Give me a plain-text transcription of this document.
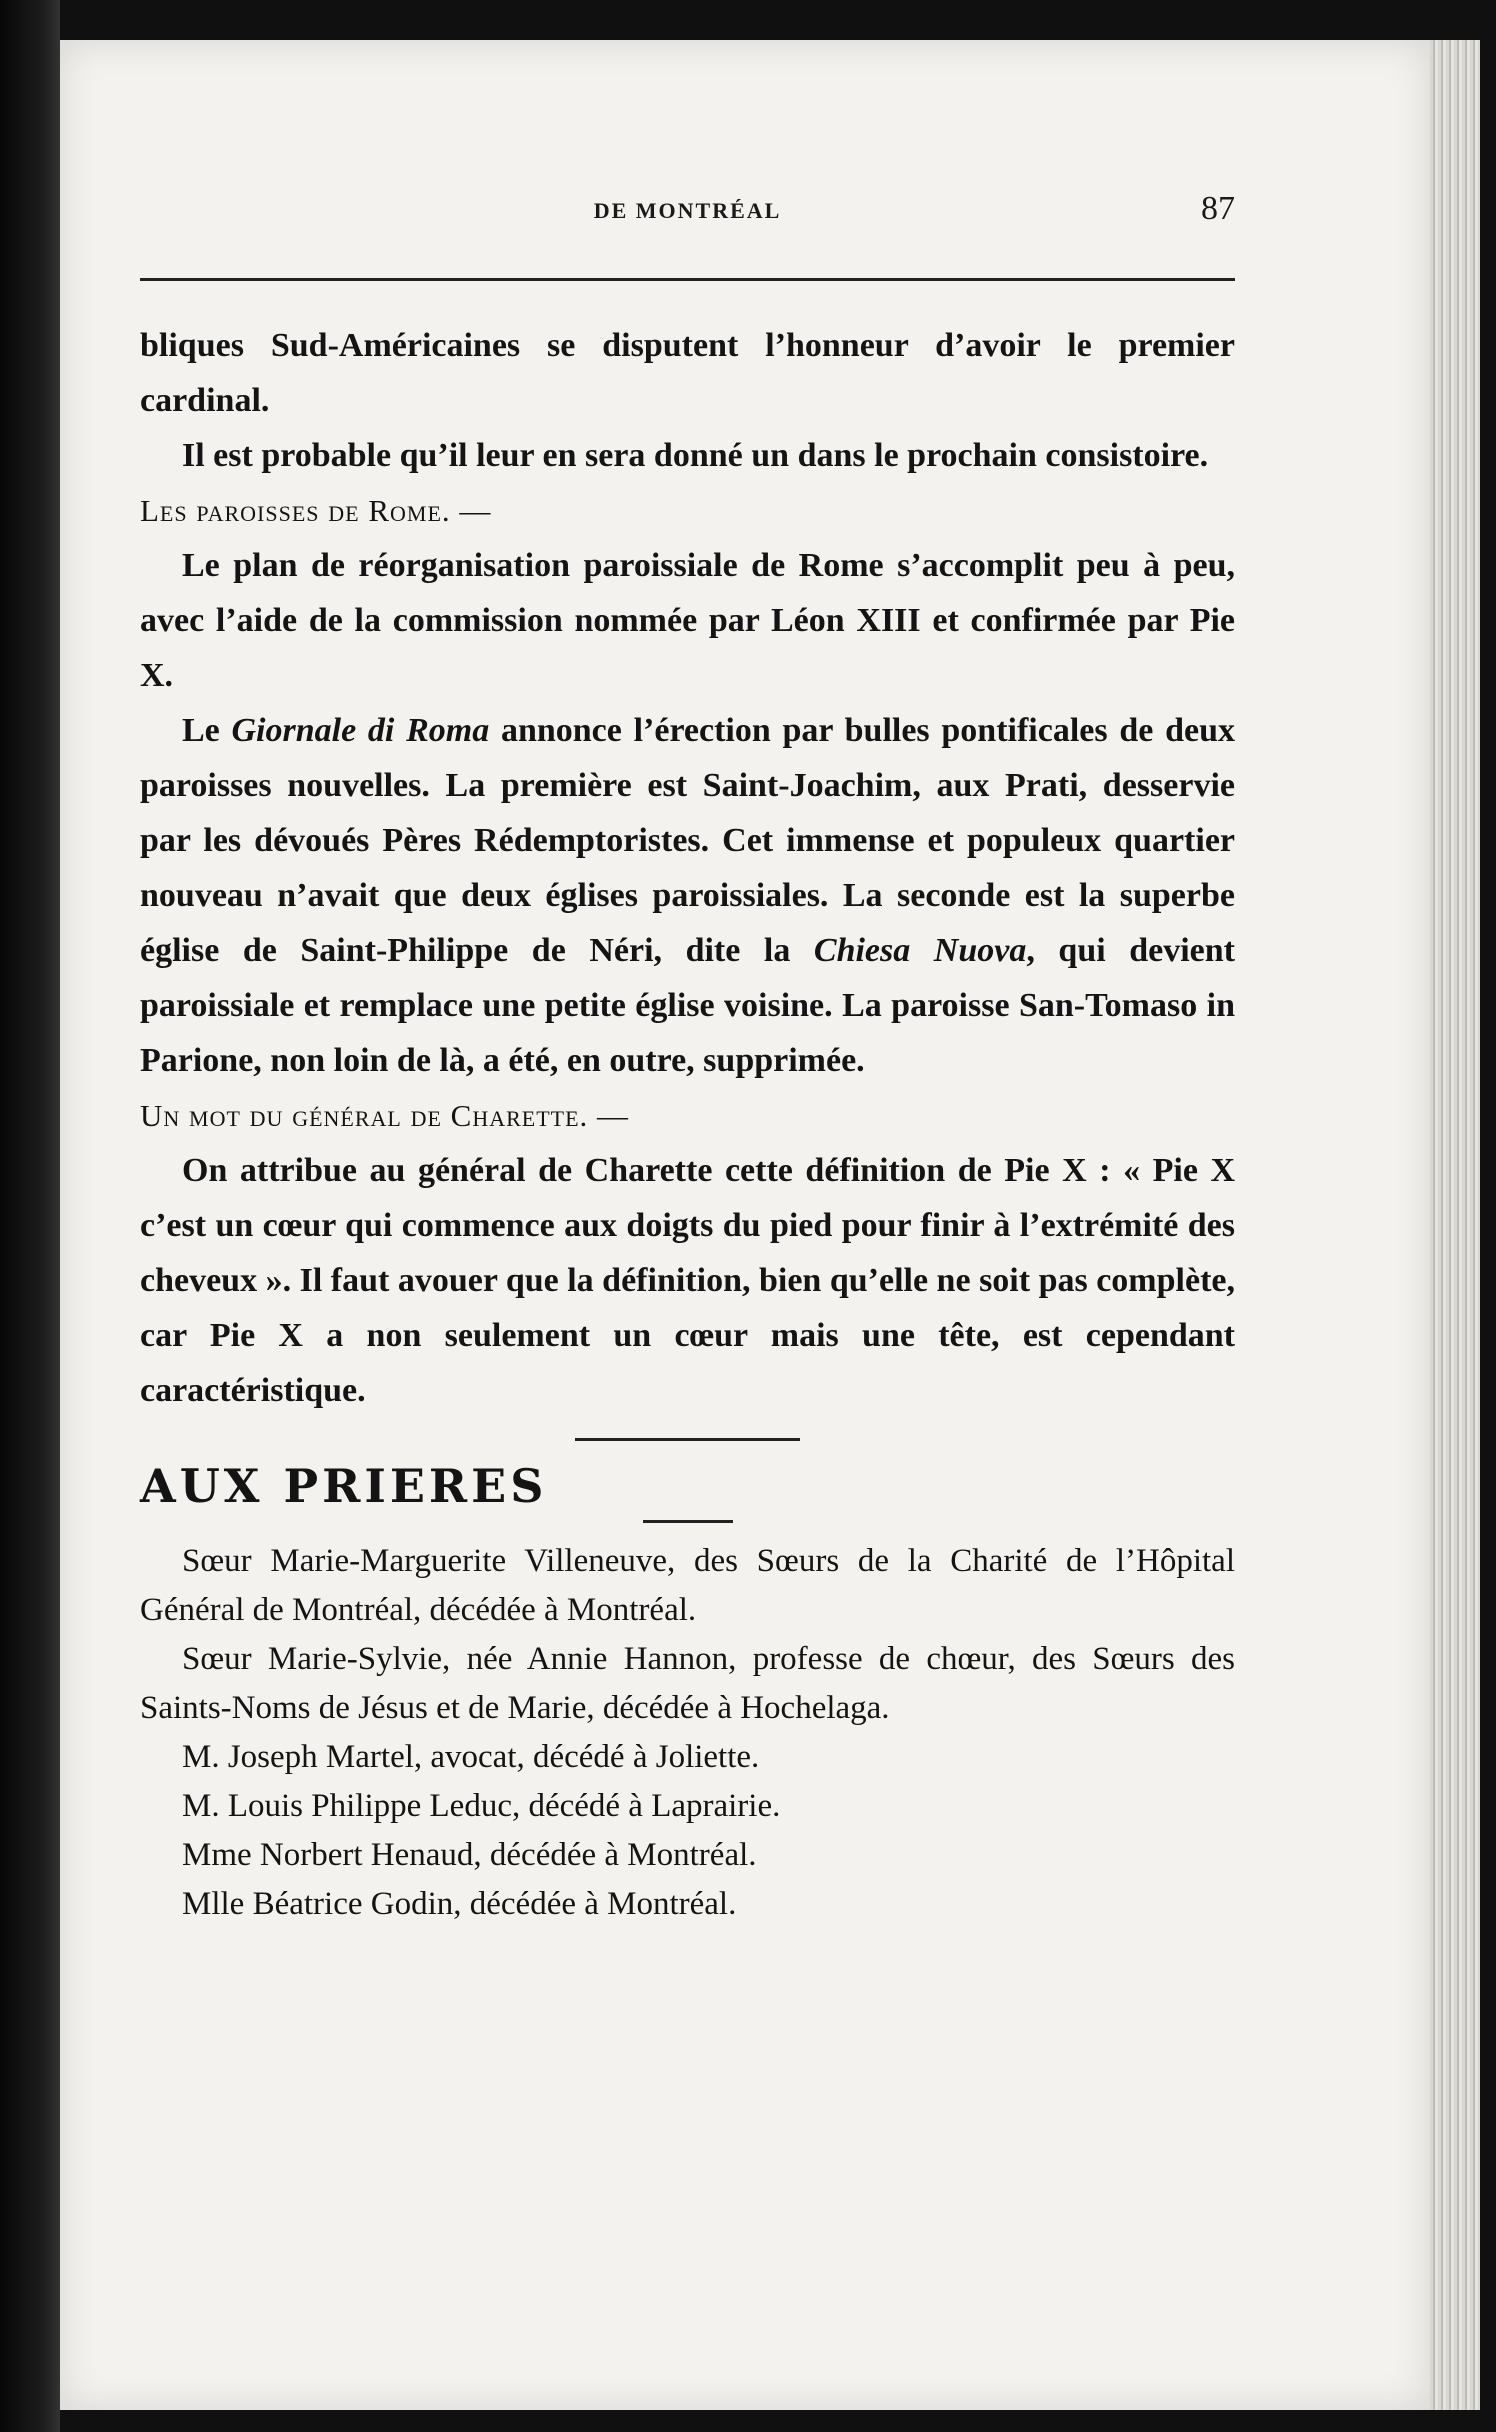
DE MONTRÉAL	87

bliques Sud-Américaines se disputent l’honneur d’avoir le premier cardinal.

Il est probable qu’il leur en sera donné un dans le prochain consistoire.

Les paroisses de Rome. —

Le plan de réorganisation paroissiale de Rome s’accomplit peu à peu, avec l’aide de la commission nommée par Léon XIII et confirmée par Pie X.

Le Giornale di Roma annonce l’érection par bulles pontificales de deux paroisses nouvelles. La première est Saint-Joachim, aux Prati, desservie par les dévoués Pères Rédemptoristes. Cet immense et populeux quartier nouveau n’avait que deux églises paroissiales. La seconde est la superbe église de Saint-Philippe de Néri, dite la Chiesa Nuova, qui devient paroissiale et remplace une petite église voisine. La paroisse San-Tomaso in Parione, non loin de là, a été, en outre, supprimée.

Un mot du général de Charette. —

On attribue au général de Charette cette définition de Pie X : « Pie X c’est un cœur qui commence aux doigts du pied pour finir à l’extrémité des cheveux ». Il faut avouer que la définition, bien qu’elle ne soit pas complète, car Pie X a non seulement un cœur mais une tête, est cependant caractéristique.

AUX PRIERES

Sœur Marie-Marguerite Villeneuve, des Sœurs de la Charité de l’Hôpital Général de Montréal, décédée à Montréal.

Sœur Marie-Sylvie, née Annie Hannon, professe de chœur, des Sœurs des Saints-Noms de Jésus et de Marie, décédée à Hochelaga.

M. Joseph Martel, avocat, décédé à Joliette.

M. Louis Philippe Leduc, décédé à Laprairie.

Mme Norbert Henaud, décédée à Montréal.

Mlle Béatrice Godin, décédée à Montréal.
